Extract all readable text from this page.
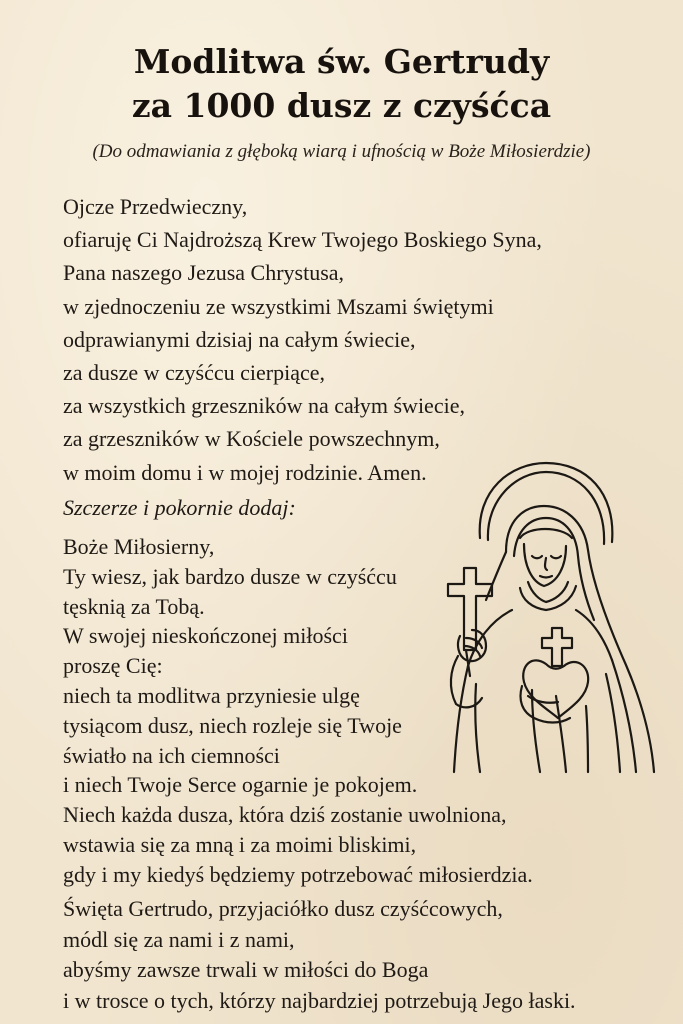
Modlitwa św. Gertrudy
za 1000 dusz z czyśćca
(Do odmawiania z głęboką wiarą i ufnością w Boże Miłosierdzie)
Ojcze Przedwieczny,
ofiaruję Ci Najdroższą Krew Twojego Boskiego Syna,
Pana naszego Jezusa Chrystusa,
w zjednoczeniu ze wszystkimi Mszami świętymi
odprawianymi dzisiaj na całym świecie,
za dusze w czyśćcu cierpiące,
za wszystkich grzeszników na całym świecie,
za grzeszników w Kościele powszechnym,
w moim domu i w mojej rodzinie. Amen.
Szczerze i pokornie dodaj:
Boże Miłosierny,
Ty wiesz, jak bardzo dusze w czyśćcu
tęsknią za Tobą.
W swojej nieskończonej miłości
proszę Cię:
niech ta modlitwa przyniesie ulgę
tysiącom dusz, niech rozleje się Twoje
światło na ich ciemności
i niech Twoje Serce ogarnie je pokojem.
Niech każda dusza, która dziś zostanie uwolniona,
wstawia się za mną i za moimi bliskimi,
gdy i my kiedyś będziemy potrzebować miłosierdzia.
Święta Gertrudo, przyjaciółko dusz czyśćcowych,
módl się za nami i z nami,
abyśmy zawsze trwali w miłości do Boga
i w trosce o tych, którzy najbardziej potrzebują Jego łaski.
